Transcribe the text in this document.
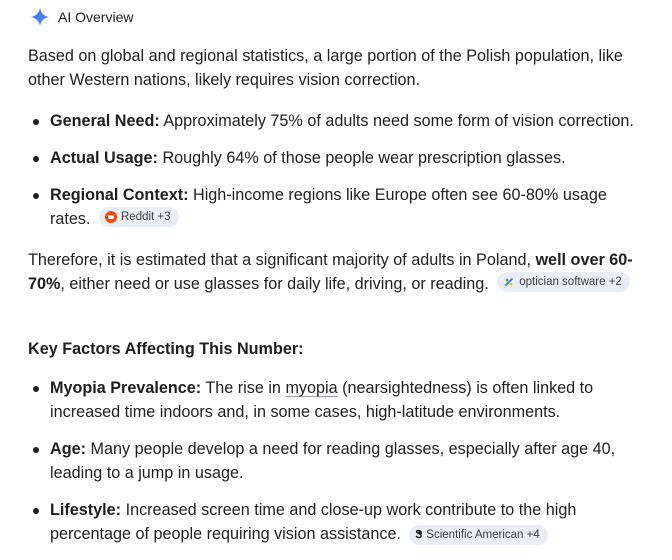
AI Overview
Based on global and regional statistics, a large portion of the Polish population, like other Western nations, likely requires vision correction.
General Need: Approximately 75% of adults need some form of vision correction.
Actual Usage: Roughly 64% of those people wear prescription glasses.
Regional Context: High-income regions like Europe often see 60-80% usage rates.	Reddit +3
Therefore, it is estimated that a significant majority of adults in Poland, well over 60-70%, either need or use glasses for daily life, driving, or reading.	optician software +2
Key Factors Affecting This Number:
Myopia Prevalence: The rise in myopia (nearsightedness) is often linked to increased time indoors and, in some cases, high-latitude environments.
Age: Many people develop a need for reading glasses, especially after age 40, leading to a jump in usage.
Lifestyle: Increased screen time and close-up work contribute to the high percentage of people requiring vision assistance. Ꮥ Scientific American +4
